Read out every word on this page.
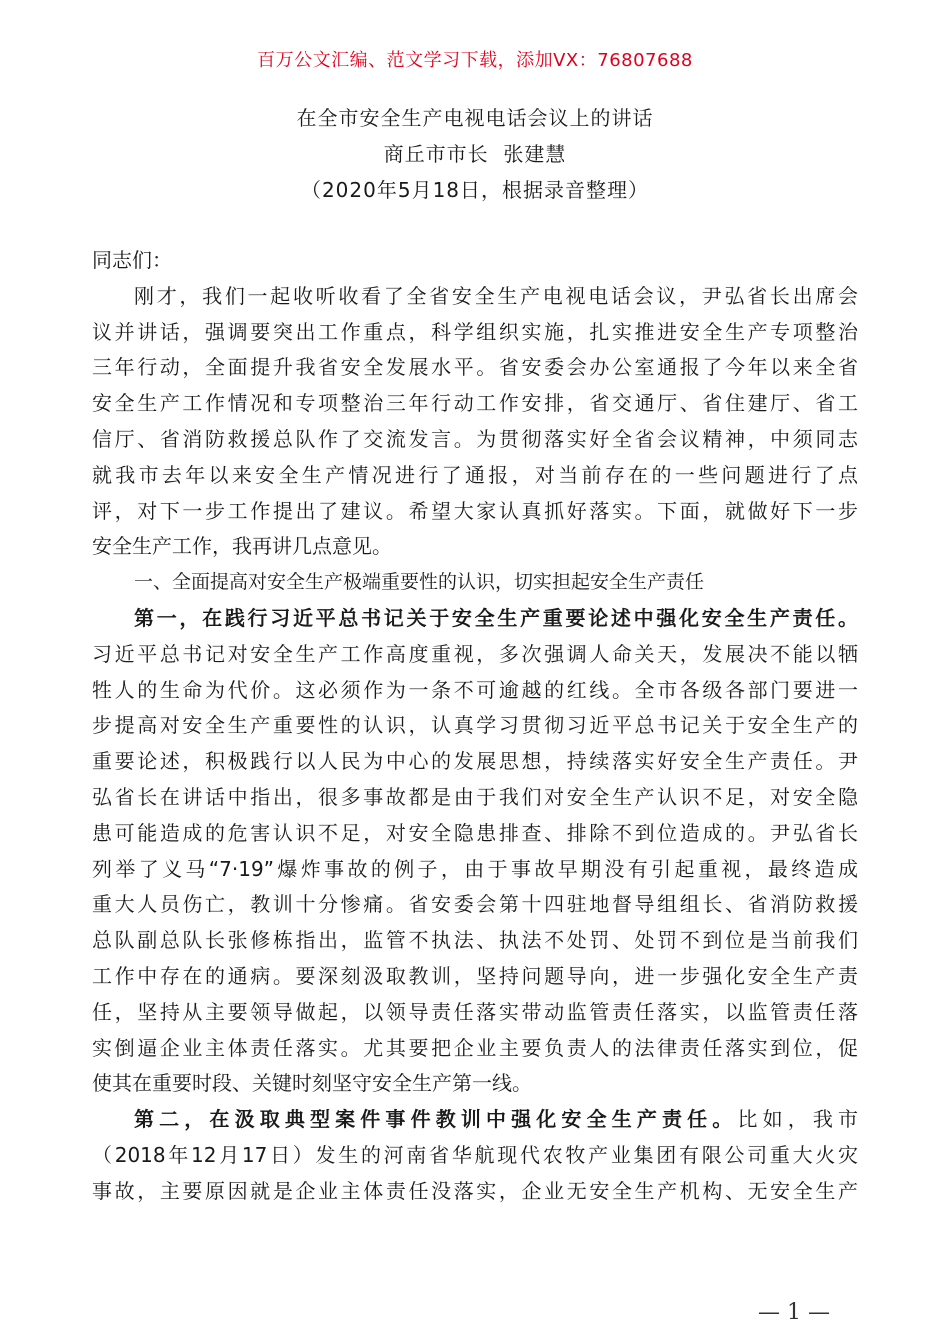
百万公文汇编、范文学习下载，添加VX：76807688
在全市安全生产电视电话会议上的讲话
商丘市市长  张建慧
（2020年5月18日，根据录音整理）
同志们：
刚才，我们一起收听收看了全省安全生产电视电话会议，尹弘省长出席会
议并讲话，强调要突出工作重点，科学组织实施，扎实推进安全生产专项整治
三年行动，全面提升我省安全发展水平。省安委会办公室通报了今年以来全省
安全生产工作情况和专项整治三年行动工作安排，省交通厅、省住建厅、省工
信厅、省消防救援总队作了交流发言。为贯彻落实好全省会议精神，中须同志
就我市去年以来安全生产情况进行了通报，对当前存在的一些问题进行了点
评，对下一步工作提出了建议。希望大家认真抓好落实。下面，就做好下一步
安全生产工作，我再讲几点意见。
一、全面提高对安全生产极端重要性的认识，切实担起安全生产责任
第一，在践行习近平总书记关于安全生产重要论述中强化安全生产责任。
习近平总书记对安全生产工作高度重视，多次强调人命关天，发展决不能以牺
牲人的生命为代价。这必须作为一条不可逾越的红线。全市各级各部门要进一
步提高对安全生产重要性的认识，认真学习贯彻习近平总书记关于安全生产的
重要论述，积极践行以人民为中心的发展思想，持续落实好安全生产责任。尹
弘省长在讲话中指出，很多事故都是由于我们对安全生产认识不足，对安全隐
患可能造成的危害认识不足，对安全隐患排查、排除不到位造成的。尹弘省长
列举了义马“7·19”爆炸事故的例子，由于事故早期没有引起重视，最终造成
重大人员伤亡，教训十分惨痛。省安委会第十四驻地督导组组长、省消防救援
总队副总队长张修栋指出，监管不执法、执法不处罚、处罚不到位是当前我们
工作中存在的通病。要深刻汲取教训，坚持问题导向，进一步强化安全生产责
任，坚持从主要领导做起，以领导责任落实带动监管责任落实，以监管责任落
实倒逼企业主体责任落实。尤其要把企业主要负责人的法律责任落实到位，促
使其在重要时段、关键时刻坚守安全生产第一线。
第二，在汲取典型案件事件教训中强化安全生产责任。比如，我市
（2018年12月17日）发生的河南省华航现代农牧产业集团有限公司重大火灾
事故，主要原因就是企业主体责任没落实，企业无安全生产机构、无安全生产
— 1 —
